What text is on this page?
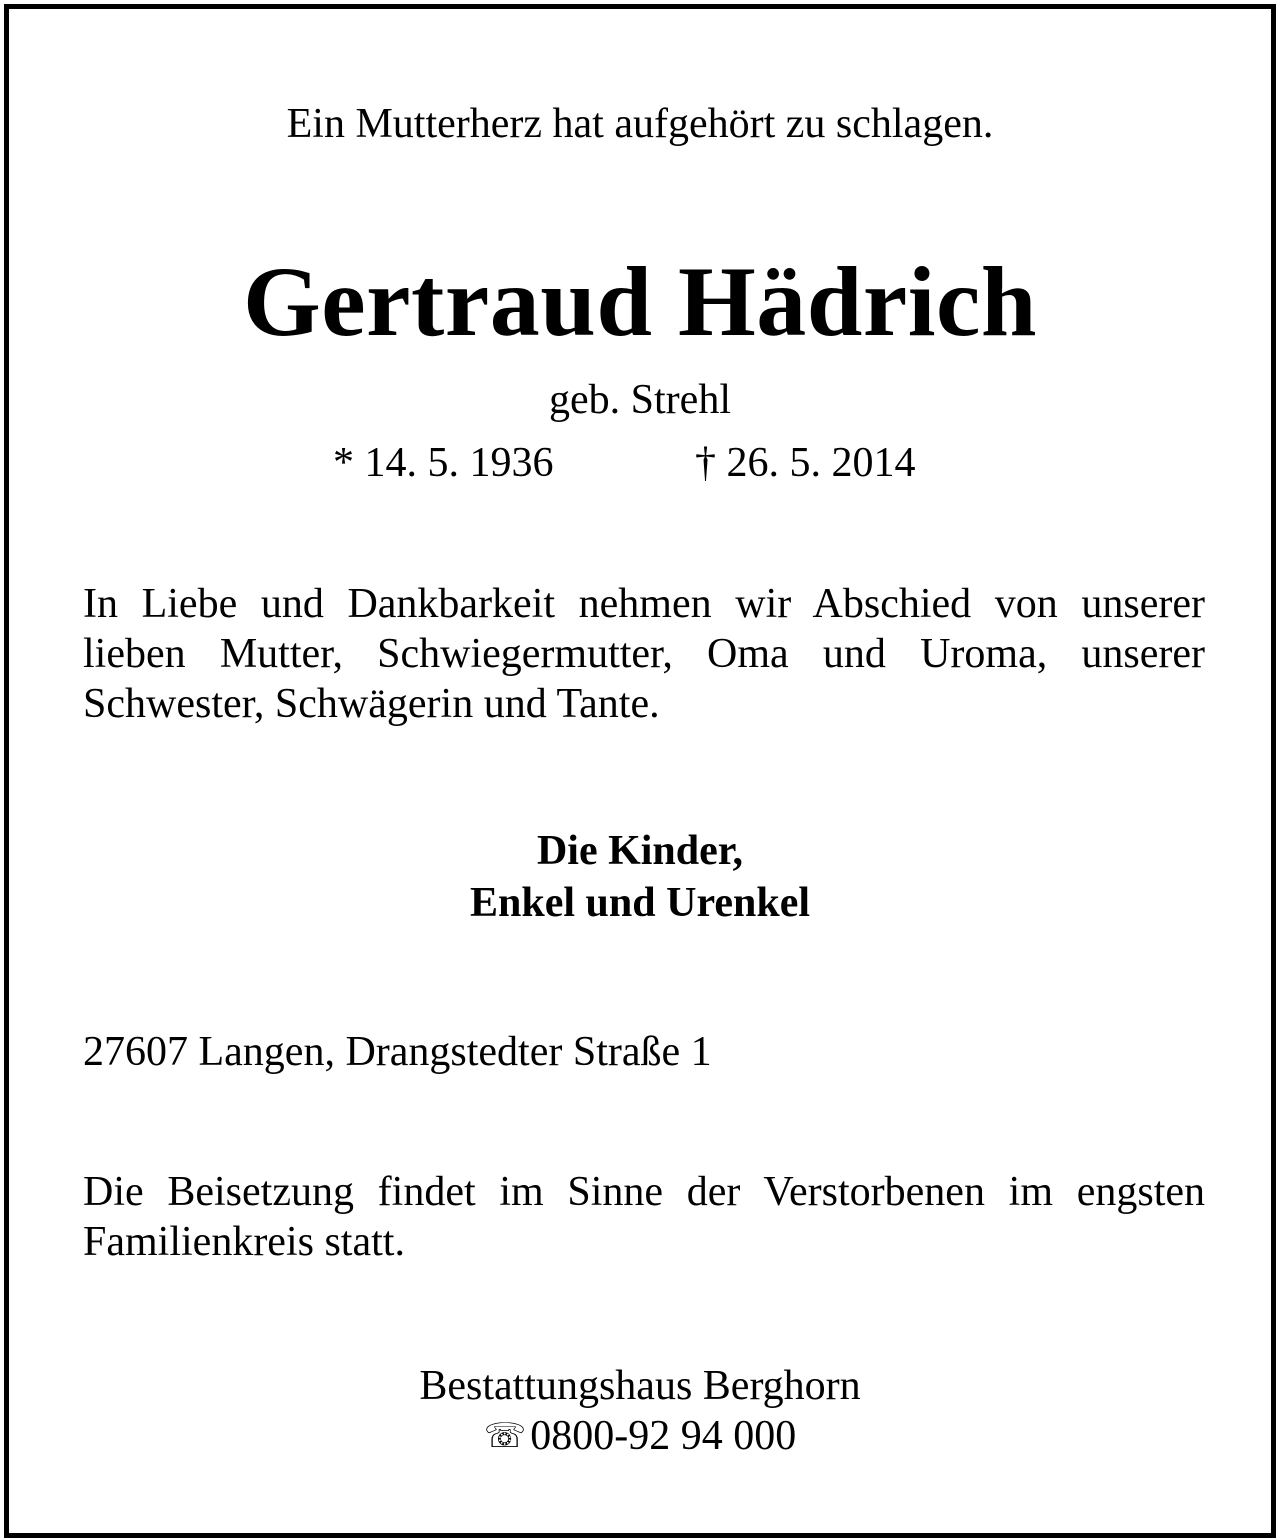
Ein Mutterherz hat aufgehört zu schlagen.

Gertraud Hädrich

geb. Strehl

* 14. 5. 1936	† 26. 5. 2014

In Liebe und Dankbarkeit nehmen wir Abschied von unserer lieben Mutter, Schwiegermutter, Oma und Uroma, unserer Schwester, Schwägerin und Tante.

Die Kinder,
Enkel und Urenkel

27607 Langen, Drangstedter Straße 1

Die Beisetzung findet im Sinne der Verstorbenen im engsten Familienkreis statt.

Bestattungshaus Berghorn

☏0800-92 94 000
